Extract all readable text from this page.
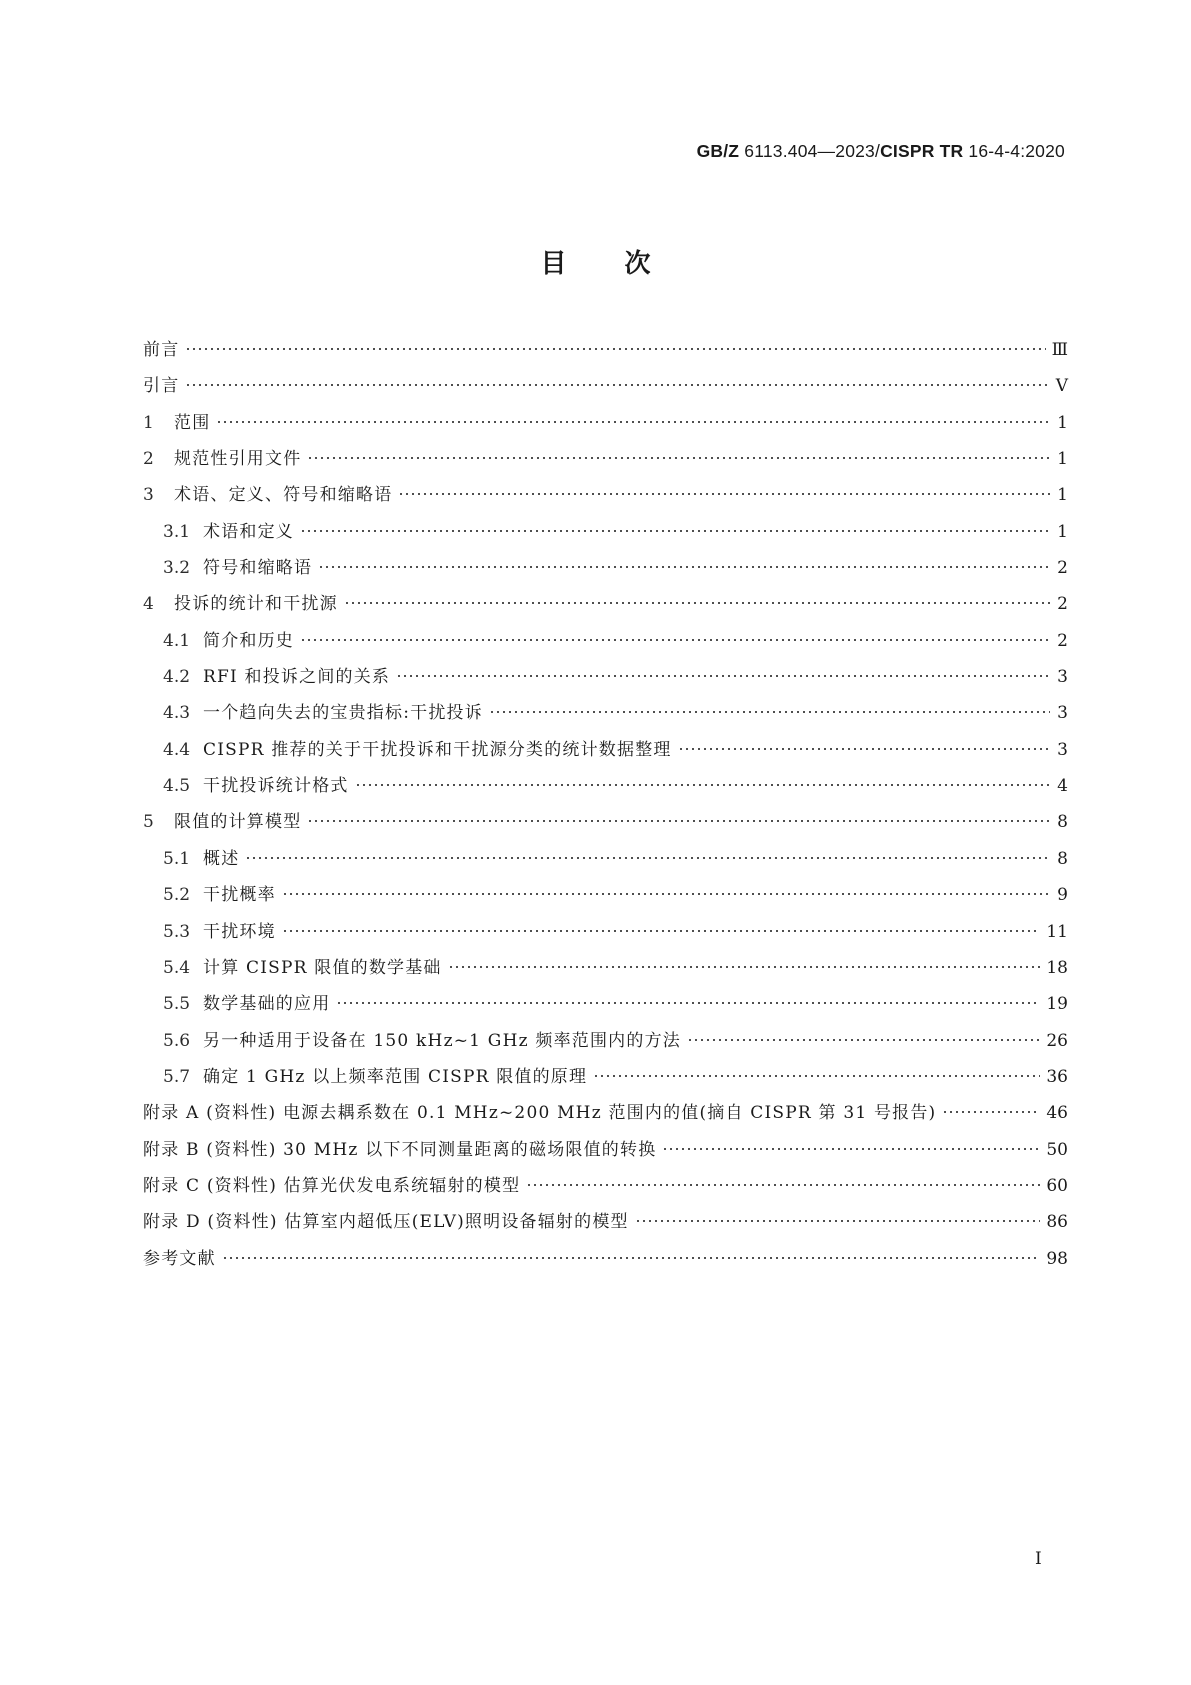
GB/Z 6113.404—2023/CISPR TR 16-4-4:2020
目次
前言	Ⅲ
引言	Ⅴ
1	范围	1
2	规范性引用文件	1
3	术语、定义、符号和缩略语	1
3.1 术语和定义	1
3.2 符号和缩略语	2
4	投诉的统计和干扰源	2
4.1 简介和历史	2
4.2 RFI 和投诉之间的关系	3
4.3 一个趋向失去的宝贵指标:干扰投诉	3
4.4 CISPR 推荐的关于干扰投诉和干扰源分类的统计数据整理	3
4.5 干扰投诉统计格式	4
5	限值的计算模型	8
5.1 概述	8
5.2 干扰概率	9
5.3 干扰环境	11
5.4 计算 CISPR 限值的数学基础	18
5.5 数学基础的应用	19
5.6 另一种适用于设备在 150 kHz~1 GHz 频率范围内的方法	26
5.7 确定 1 GHz 以上频率范围 CISPR 限值的原理	36
附录 A (资料性) 电源去耦系数在 0.1 MHz~200 MHz 范围内的值(摘自 CISPR 第 31 号报告)	46
附录 B (资料性) 30 MHz 以下不同测量距离的磁场限值的转换	50
附录 C (资料性) 估算光伏发电系统辐射的模型	60
附录 D (资料性) 估算室内超低压(ELV)照明设备辐射的模型	86
参考文献	98
Ⅰ
